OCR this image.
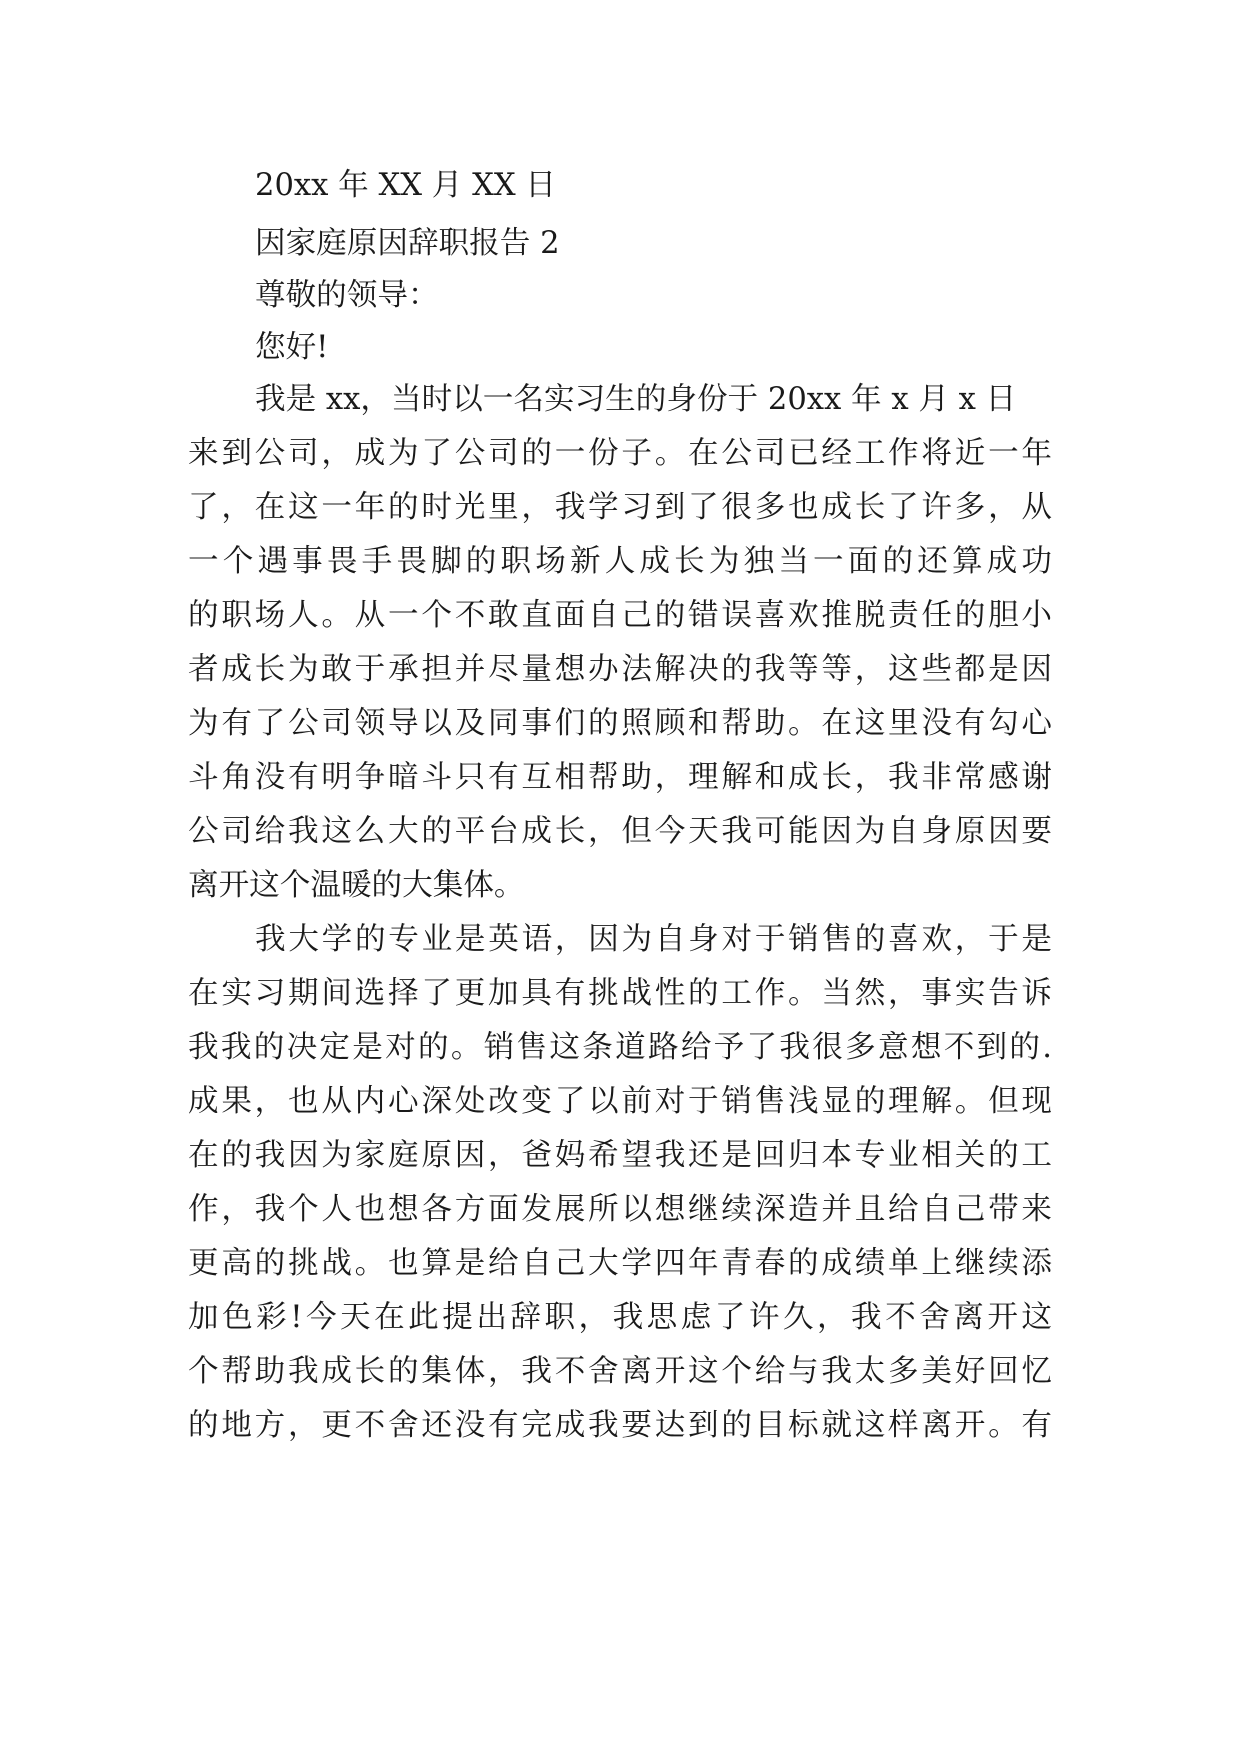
20xx 年 XX 月 XX 日
因家庭原因辞职报告 2
尊敬的领导：
您好!
我是 xx，当时以一名实习生的身份于 20xx 年 x 月 x 日
来到公司，成为了公司的一份子。在公司已经工作将近一年
了，在这一年的时光里，我学习到了很多也成长了许多，从
一个遇事畏手畏脚的职场新人成长为独当一面的还算成功
的职场人。从一个不敢直面自己的错误喜欢推脱责任的胆小
者成长为敢于承担并尽量想办法解决的我等等，这些都是因
为有了公司领导以及同事们的照顾和帮助。在这里没有勾心
斗角没有明争暗斗只有互相帮助，理解和成长，我非常感谢
公司给我这么大的平台成长，但今天我可能因为自身原因要
离开这个温暖的大集体。
我大学的专业是英语，因为自身对于销售的喜欢，于是
在实习期间选择了更加具有挑战性的工作。当然，事实告诉
我我的决定是对的。销售这条道路给予了我很多意想不到的.
成果，也从内心深处改变了以前对于销售浅显的理解。但现
在的我因为家庭原因，爸妈希望我还是回归本专业相关的工
作，我个人也想各方面发展所以想继续深造并且给自己带来
更高的挑战。也算是给自己大学四年青春的成绩单上继续添
加色彩!今天在此提出辞职，我思虑了许久，我不舍离开这
个帮助我成长的集体，我不舍离开这个给与我太多美好回忆
的地方，更不舍还没有完成我要达到的目标就这样离开。有
